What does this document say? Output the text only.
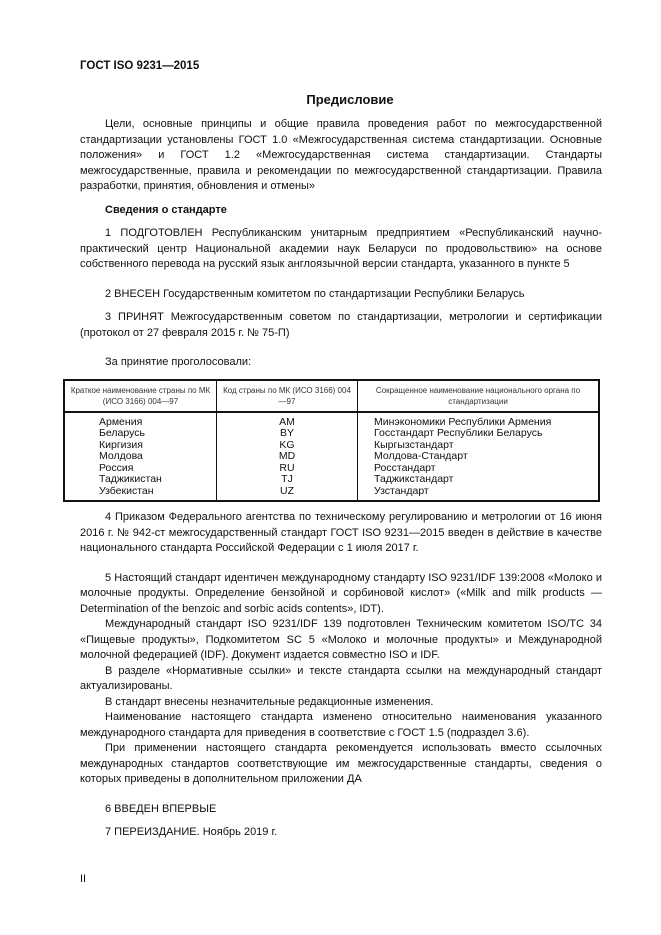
ГОСТ ISO 9231—2015
Предисловие

Цели, основные принципы и общие правила проведения работ по межгосударственной стандартизации установлены ГОСТ 1.0 «Межгосударственная система стандартизации. Основные положения» и ГОСТ 1.2 «Межгосударственная система стандартизации. Стандарты межгосударственные, правила и рекомендации по межгосударственной стандартизации. Правила разработки, принятия, обновления и отмены»

Сведения о стандарте

1 ПОДГОТОВЛЕН Республиканским унитарным предприятием «Республиканский научно-практический центр Национальной академии наук Беларуси по продовольствию» на основе собственного перевода на русский язык англоязычной версии стандарта, указанного в пункте 5

2 ВНЕСЕН Государственным комитетом по стандартизации Республики Беларусь

3 ПРИНЯТ Межгосударственным советом по стандартизации, метрологии и сертификации (протокол от 27 февраля 2015 г. № 75-П)

За принятие проголосовали:

Краткое наименование страны по МК (ИСО 3166) 004—97	Код страны по МК (ИСО 3166) 004—97	Сокращенное наименование национального органа по стандартизации
Армения	AM	Минэкономики Республики Армения
Беларусь	BY	Госстандарт Республики Беларусь
Киргизия	KG	Кыргызстандарт
Молдова	MD	Молдова-Стандарт
Россия	RU	Росстандарт
Таджикистан	TJ	Таджикстандарт
Узбекистан	UZ	Узстандарт

4 Приказом Федерального агентства по техническому регулированию и метрологии от 16 июня 2016 г. № 942-ст межгосударственный стандарт ГОСТ ISO 9231—2015 введен в действие в качестве национального стандарта Российской Федерации с 1 июля 2017 г.

5 Настоящий стандарт идентичен международному стандарту ISO 9231/IDF 139:2008 «Молоко и молочные продукты. Определение бензойной и сорбиновой кислот» («Milk and milk products — Determination of the benzoic and sorbic acids contents», IDT).

Международный стандарт ISO 9231/IDF 139 подготовлен Техническим комитетом ISO/TC 34 «Пищевые продукты», Подкомитетом SC 5 «Молоко и молочные продукты» и Международной молочной федерацией (IDF). Документ издается совместно ISO и IDF.

В разделе «Нормативные ссылки» и тексте стандарта ссылки на международный стандарт актуализированы.

В стандарт внесены незначительные редакционные изменения.

Наименование настоящего стандарта изменено относительно наименования указанного международного стандарта для приведения в соответствие с ГОСТ 1.5 (подраздел 3.6).

При применении настоящего стандарта рекомендуется использовать вместо ссылочных международных стандартов соответствующие им межгосударственные стандарты, сведения о которых приведены в дополнительном приложении ДА

6 ВВЕДЕН ВПЕРВЫЕ

7 ПЕРЕИЗДАНИЕ. Ноябрь 2019 г.

II
